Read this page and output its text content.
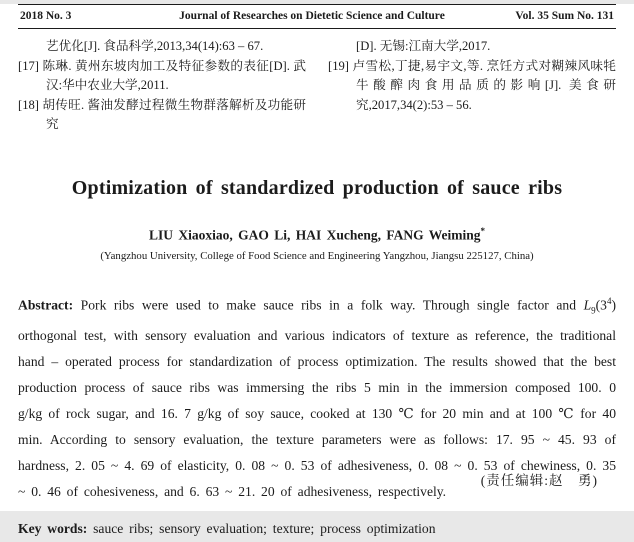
2018 No. 3	Journal of Researches on Dietetic Science and Culture	Vol. 35 Sum No. 131
艺优化[J]. 食品科学,2013,34(14):63 – 67.
[17] 陈琳. 黄州东坡肉加工及特征参数的表征[D]. 武汉:华中农业大学,2011.
[18] 胡传旺. 酱油发酵过程微生物群落解析及功能研究
[D]. 无锡:江南大学,2017.
[19] 卢雪松,丁捷,易宇文,等. 烹饪方式对糊辣风味牦牛酸醡肉食用品质的影响[J]. 美食研究,2017,34(2):53 – 56.
Optimization of standardized production of sauce ribs
LIU Xiaoxiao, GAO Li, HAI Xucheng, FANG Weiming*
(Yangzhou University, College of Food Science and Engineering Yangzhou, Jiangsu 225127, China)

Abstract: Pork ribs were used to make sauce ribs in a folk way. Through single factor and $L_9(3^4)$ orthogonal test, with sensory evaluation and various indicators of texture as reference, the traditional hand – operated process for standardization of process optimization. The results showed that the best production process of sauce ribs was immersing the ribs 5 min in the immersion composed 100. 0 g/kg of rock sugar, and 16. 7 g/kg of soy sauce, cooked at 130 ℃ for 20 min and at 100 ℃ for 40 min. According to sensory evaluation, the texture parameters were as follows: 17. 95 ~ 45. 93 of hardness, 2. 05 ~ 4. 69 of elasticity, 0. 08 ~ 0. 53 of adhesiveness, 0. 08 ~ 0. 53 of chewiness, 0. 35 ~ 0. 46 of cohesiveness, and 6. 63 ~ 21. 20 of adhesiveness, respectively.

Key words: sauce ribs; sensory evaluation; texture; process optimization

(责任编辑:赵　勇)
